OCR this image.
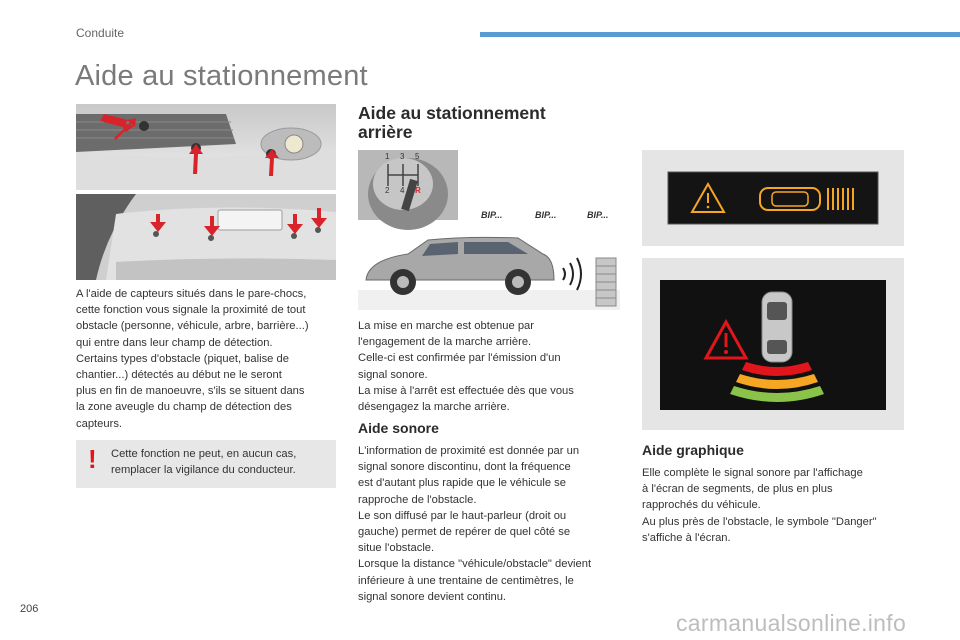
Conduite
Aide au stationnement
A l'aide de capteurs situés dans le pare-chocs,
cette fonction vous signale la proximité de tout
obstacle (personne, véhicule, arbre, barrière...)
qui entre dans leur champ de détection.
Certains types d'obstacle (piquet, balise de
chantier...) détectés au début ne le seront
plus en fin de manoeuvre, s'ils se situent dans
la zone aveugle du champ de détection des
capteurs.
! Cette fonction ne peut, en aucun cas,
remplacer la vigilance du conducteur.
Aide au stationnement
arrière
1 3 5
2 4 R
BIP...	BIP...	BIP...
La mise en marche est obtenue par
l'engagement de la marche arrière.
Celle-ci est confirmée par l'émission d'un
signal sonore.
La mise à l'arrêt est effectuée dès que vous
désengagez la marche arrière.
Aide sonore
L'information de proximité est donnée par un
signal sonore discontinu, dont la fréquence
est d'autant plus rapide que le véhicule se
rapproche de l'obstacle.
Le son diffusé par le haut-parleur (droit ou
gauche) permet de repérer de quel côté se
situe l'obstacle.
Lorsque la distance "véhicule/obstacle" devient
inférieure à une trentaine de centimètres, le
signal sonore devient continu.
Aide graphique
Elle complète le signal sonore par l'affichage
à l'écran de segments, de plus en plus
rapprochés du véhicule.
Au plus près de l'obstacle, le symbole "Danger"
s'affiche à l'écran.
206
carmanualsonline.info
